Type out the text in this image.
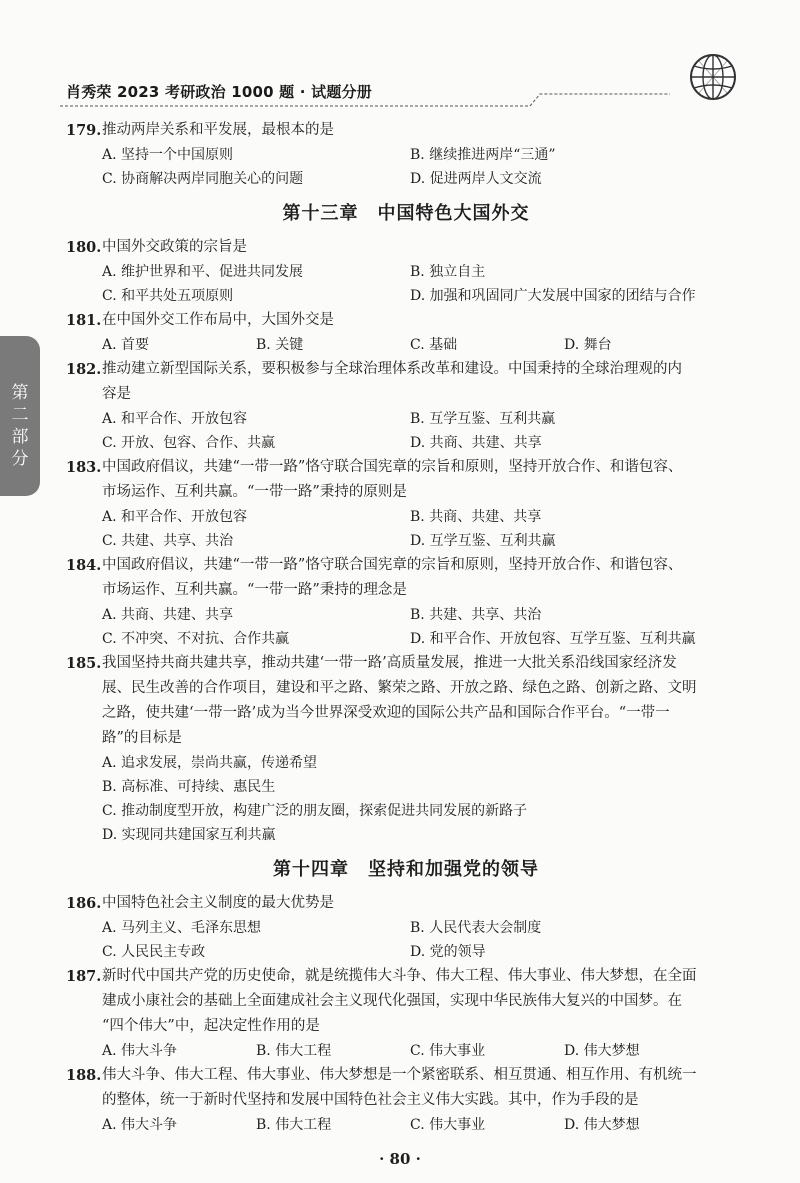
肖秀荣 2023 考研政治 1000 题 · 试题分册
第二部分
179. 推动两岸关系和平发展，最根本的是
A. 坚持一个中国原则	B. 继续推进两岸“三通”
C. 协商解决两岸同胞关心的问题	D. 促进两岸人文交流
第十三章　中国特色大国外交
180. 中国外交政策的宗旨是
A. 维护世界和平、促进共同发展	B. 独立自主
C. 和平共处五项原则	D. 加强和巩固同广大发展中国家的团结与合作
181. 在中国外交工作布局中，大国外交是
A. 首要	B. 关键	C. 基础	D. 舞台
182. 推动建立新型国际关系，要积极参与全球治理体系改革和建设。中国秉持的全球治理观的内
容是
A. 和平合作、开放包容	B. 互学互鉴、互利共赢
C. 开放、包容、合作、共赢	D. 共商、共建、共享
183. 中国政府倡议，共建“一带一路”恪守联合国宪章的宗旨和原则，坚持开放合作、和谐包容、
市场运作、互利共赢。“一带一路”秉持的原则是
A. 和平合作、开放包容	B. 共商、共建、共享
C. 共建、共享、共治	D. 互学互鉴、互利共赢
184. 中国政府倡议，共建“一带一路”恪守联合国宪章的宗旨和原则，坚持开放合作、和谐包容、
市场运作、互利共赢。“一带一路”秉持的理念是
A. 共商、共建、共享	B. 共建、共享、共治
C. 不冲突、不对抗、合作共赢	D. 和平合作、开放包容、互学互鉴、互利共赢
185. 我国坚持共商共建共享，推动共建‘一带一路’高质量发展，推进一大批关系沿线国家经济发
展、民生改善的合作项目，建设和平之路、繁荣之路、开放之路、绿色之路、创新之路、文明
之路，使共建‘一带一路’成为当今世界深受欢迎的国际公共产品和国际合作平台。“一带一
路”的目标是
A. 追求发展，崇尚共赢，传递希望
B. 高标准、可持续、惠民生
C. 推动制度型开放，构建广泛的朋友圈，探索促进共同发展的新路子
D. 实现同共建国家互利共赢
第十四章　坚持和加强党的领导
186. 中国特色社会主义制度的最大优势是
A. 马列主义、毛泽东思想	B. 人民代表大会制度
C. 人民民主专政	D. 党的领导
187. 新时代中国共产党的历史使命，就是统揽伟大斗争、伟大工程、伟大事业、伟大梦想，在全面
建成小康社会的基础上全面建成社会主义现代化强国，实现中华民族伟大复兴的中国梦。在
“四个伟大”中，起决定性作用的是
A. 伟大斗争	B. 伟大工程	C. 伟大事业	D. 伟大梦想
188. 伟大斗争、伟大工程、伟大事业、伟大梦想是一个紧密联系、相互贯通、相互作用、有机统一
的整体，统一于新时代坚持和发展中国特色社会主义伟大实践。其中，作为手段的是
A. 伟大斗争	B. 伟大工程	C. 伟大事业	D. 伟大梦想
· 80 ·
